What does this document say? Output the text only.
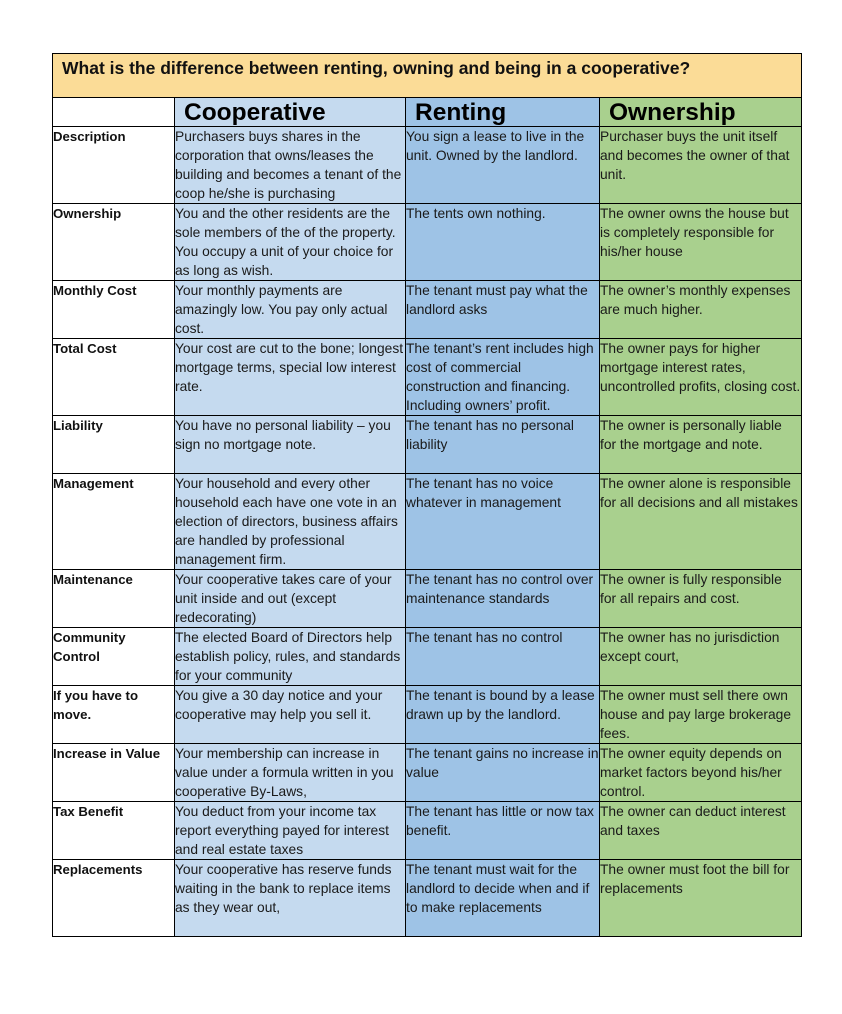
What is the difference between renting, owning and being in a cooperative?			
	Cooperative	Renting	Ownership
Description	Purchasers buys shares in the corporation that owns/leases the building and becomes a tenant of the coop he/she is purchasing	You sign a lease to live in the unit. Owned by the landlord.	Purchaser buys the unit itself and becomes the owner of that unit.
Ownership	You and the other residents are the sole members of the of the property. You occupy a unit of your choice for as long as wish.	The tents own nothing.	The owner owns the house but is completely responsible for his/her house
Monthly Cost	Your monthly payments are amazingly low. You pay only actual cost.	The tenant must pay what the landlord asks	The owner’s monthly expenses are much higher.
Total Cost	Your cost are cut to the bone; longest mortgage terms, special low interest rate.	The tenant’s rent includes high cost of commercial construction and financing. Including owners’ profit.	The owner pays for higher mortgage interest rates, uncontrolled profits, closing cost.
Liability	You have no personal liability – you sign no mortgage note.	The tenant has no personal liability	The owner is personally liable for the mortgage and note.
Management	Your household and every other household each have one vote in an election of directors, business affairs are handled by professional management firm.	The tenant has no voice whatever in management	The owner alone is responsible for all decisions and all mistakes
Maintenance	Your cooperative takes care of your unit inside and out (except redecorating)	The tenant has no control over maintenance standards	The owner is fully responsible for all repairs and cost.
Community Control	The elected Board of Directors help establish policy, rules, and standards for your community	The tenant has no control	The owner has no jurisdiction except court,
If you have to move.	You give a 30 day notice and your cooperative may help you sell it.	The tenant is bound by a lease drawn up by the landlord.	The owner must sell there own house and pay large brokerage fees.
Increase in Value	Your membership can increase in value under a formula written in you cooperative By-Laws,	The tenant gains no increase in value	The owner equity depends on market factors beyond his/her control.
Tax Benefit	You deduct from your income tax report everything payed for interest and real estate taxes	The tenant has little or now tax benefit.	The owner can deduct interest and taxes
Replacements	Your cooperative has reserve funds waiting in the bank to replace items as they wear out,	The tenant must wait for the landlord to decide when and if to make replacements	The owner must foot the bill for replacements
